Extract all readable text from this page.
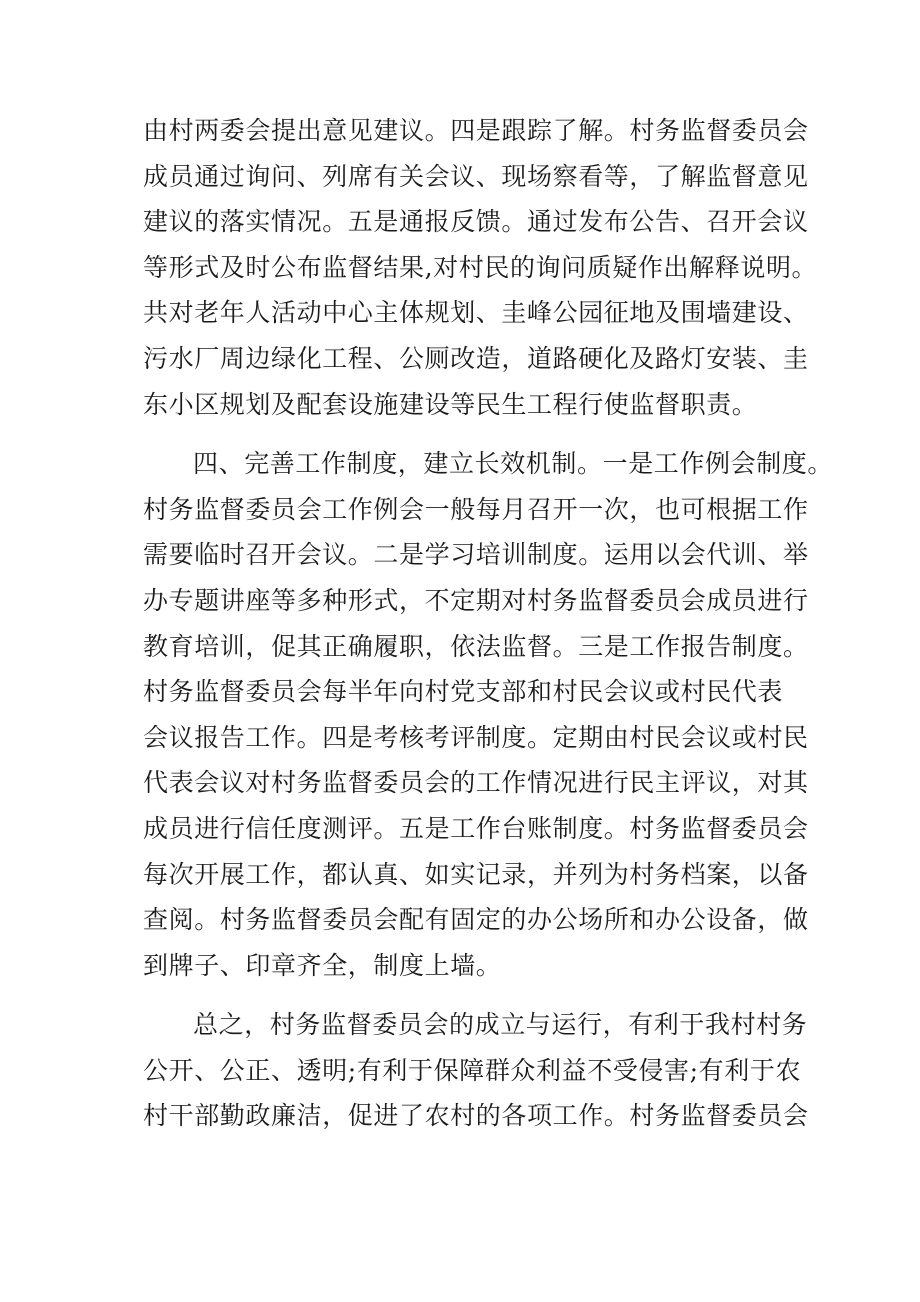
由村两委会提出意见建议。四是跟踪了解。村务监督委员会
成员通过询问、列席有关会议、现场察看等，了解监督意见
建议的落实情况。五是通报反馈。通过发布公告、召开会议
等形式及时公布监督结果,对村民的询问质疑作出解释说明。
共对老年人活动中心主体规划、圭峰公园征地及围墙建设、
污水厂周边绿化工程、公厕改造，道路硬化及路灯安装、圭
东小区规划及配套设施建设等民生工程行使监督职责。

四、完善工作制度，建立长效机制。一是工作例会制度。
村务监督委员会工作例会一般每月召开一次，也可根据工作
需要临时召开会议。二是学习培训制度。运用以会代训、举
办专题讲座等多种形式，不定期对村务监督委员会成员进行
教育培训，促其正确履职，依法监督。三是工作报告制度。
村务监督委员会每半年向村党支部和村民会议或村民代表
会议报告工作。四是考核考评制度。定期由村民会议或村民
代表会议对村务监督委员会的工作情况进行民主评议，对其
成员进行信任度测评。五是工作台账制度。村务监督委员会
每次开展工作，都认真、如实记录，并列为村务档案，以备
查阅。村务监督委员会配有固定的办公场所和办公设备，做
到牌子、印章齐全，制度上墙。

总之，村务监督委员会的成立与运行，有利于我村村务
公开、公正、透明;有利于保障群众利益不受侵害;有利于农
村干部勤政廉洁，促进了农村的各项工作。村务监督委员会
